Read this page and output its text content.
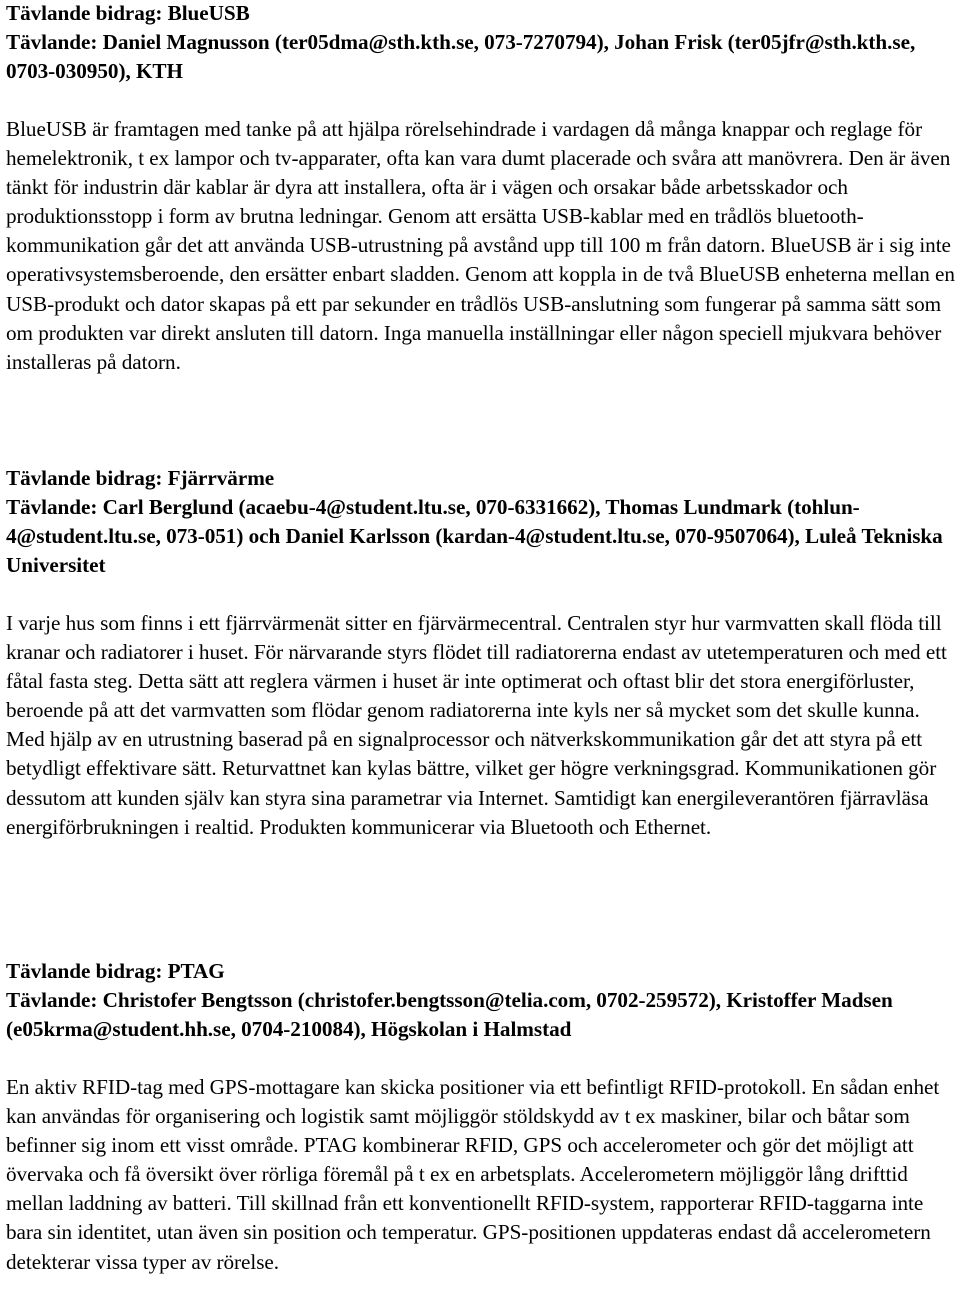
Tävlande bidrag: BlueUSB

Tävlande: Daniel Magnusson (ter05dma@sth.kth.se, 073-7270794), Johan Frisk (ter05jfr@sth.kth.se, 0703-030950), KTH

BlueUSB är framtagen med tanke på att hjälpa rörelsehindrade i vardagen då många knappar och reglage för hemelektronik, t ex lampor och tv-apparater, ofta kan vara dumt placerade och svåra att manövrera. Den är även tänkt för industrin där kablar är dyra att installera, ofta är i vägen och orsakar både arbetsskador och produktionsstopp i form av brutna ledningar. Genom att ersätta USB-kablar med en trådlös bluetooth-kommunikation går det att använda USB-utrustning på avstånd upp till 100 m från datorn. BlueUSB är i sig inte operativsystemsberoende, den ersätter enbart sladden. Genom att koppla in de två BlueUSB enheterna mellan en USB-produkt och dator skapas på ett par sekunder en trådlös USB-anslutning som fungerar på samma sätt som om produkten var direkt ansluten till datorn. Inga manuella inställningar eller någon speciell mjukvara behöver installeras på datorn.

Tävlande bidrag: Fjärrvärme

Tävlande: Carl Berglund (acaebu-4@student.ltu.se, 070-6331662), Thomas Lundmark (tohlun-4@student.ltu.se, 073-051) och Daniel Karlsson (kardan-4@student.ltu.se, 070-9507064), Luleå Tekniska Universitet

I varje hus som finns i ett fjärrvärmenät sitter en fjärvärmecentral. Centralen styr hur varmvatten skall flöda till kranar och radiatorer i huset. För närvarande styrs flödet till radiatorerna endast av utetemperaturen och med ett fåtal fasta steg. Detta sätt att reglera värmen i huset är inte optimerat och oftast blir det stora energiförluster, beroende på att det varmvatten som flödar genom radiatorerna inte kyls ner så mycket som det skulle kunna. Med hjälp av en utrustning baserad på en signalprocessor och nätverkskommunikation går det att styra på ett betydligt effektivare sätt. Returvattnet kan kylas bättre, vilket ger högre verkningsgrad. Kommunikationen gör dessutom att kunden själv kan styra sina parametrar via Internet. Samtidigt kan energileverantören fjärravläsa energiförbrukningen i realtid. Produkten kommunicerar via Bluetooth och Ethernet.

Tävlande bidrag: PTAG

Tävlande: Christofer Bengtsson (christofer.bengtsson@telia.com, 0702-259572), Kristoffer Madsen (e05krma@student.hh.se, 0704-210084), Högskolan i Halmstad

En aktiv RFID-tag med GPS-mottagare kan skicka positioner via ett befintligt RFID-protokoll. En sådan enhet kan användas för organisering och logistik samt möjliggör stöldskydd av t ex maskiner, bilar och båtar som befinner sig inom ett visst område. PTAG kombinerar RFID, GPS och accelerometer och gör det möjligt att övervaka och få översikt över rörliga föremål på t ex en arbetsplats. Accelerometern möjliggör lång drifttid mellan laddning av batteri. Till skillnad från ett konventionellt RFID-system, rapporterar RFID-taggarna inte bara sin identitet, utan även sin position och temperatur. GPS-positionen uppdateras endast då accelerometern detekterar vissa typer av rörelse.
